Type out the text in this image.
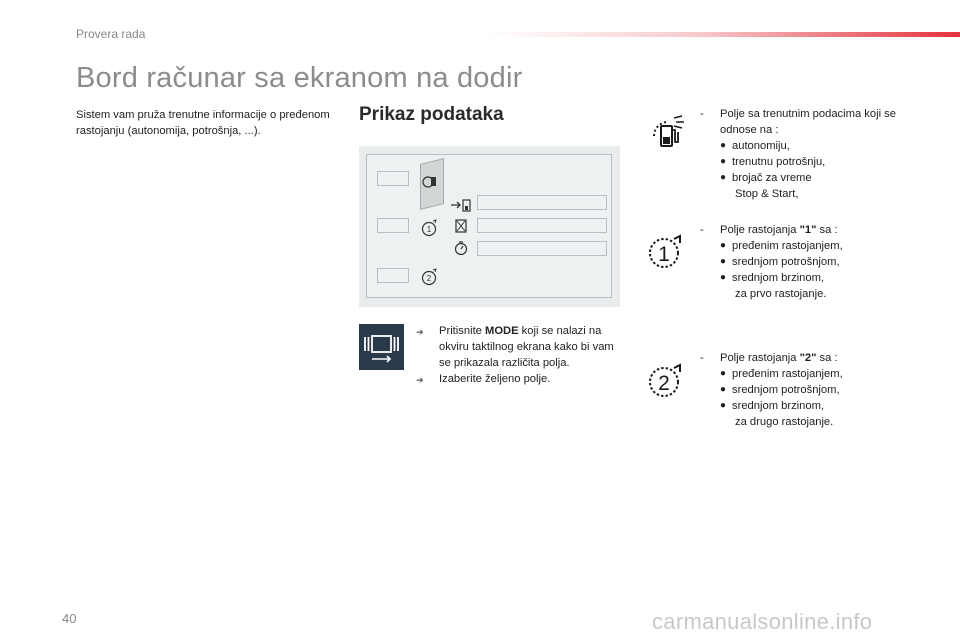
Provera rada
Bord računar sa ekranom na dodir

Sistem vam pruža trenutne informacije o pređenom rastojanju (autonomija, potrošnja, ...).

Prikaz podataka
1
2
➔	Pritisnite MODE koji se nalazi na okviru taktilnog ekrana kako bi vam se prikazala različita polja.
➔	Izaberite željeno polje.
1
2
- Polje sa trenutnim podacima koji se odnose na :
● autonomiju,
● trenutnu potrošnju,
● brojač za vreme
Stop & Start,
- Polje rastojanja "1" sa :
● pređenim rastojanjem,
● srednjom potrošnjom,
● srednjom brzinom,
za prvo rastojanje.
- Polje rastojanja "2" sa :
● pređenim rastojanjem,
● srednjom potrošnjom,
● srednjom brzinom,
za drugo rastojanje.
40	carmanualsonline.info
